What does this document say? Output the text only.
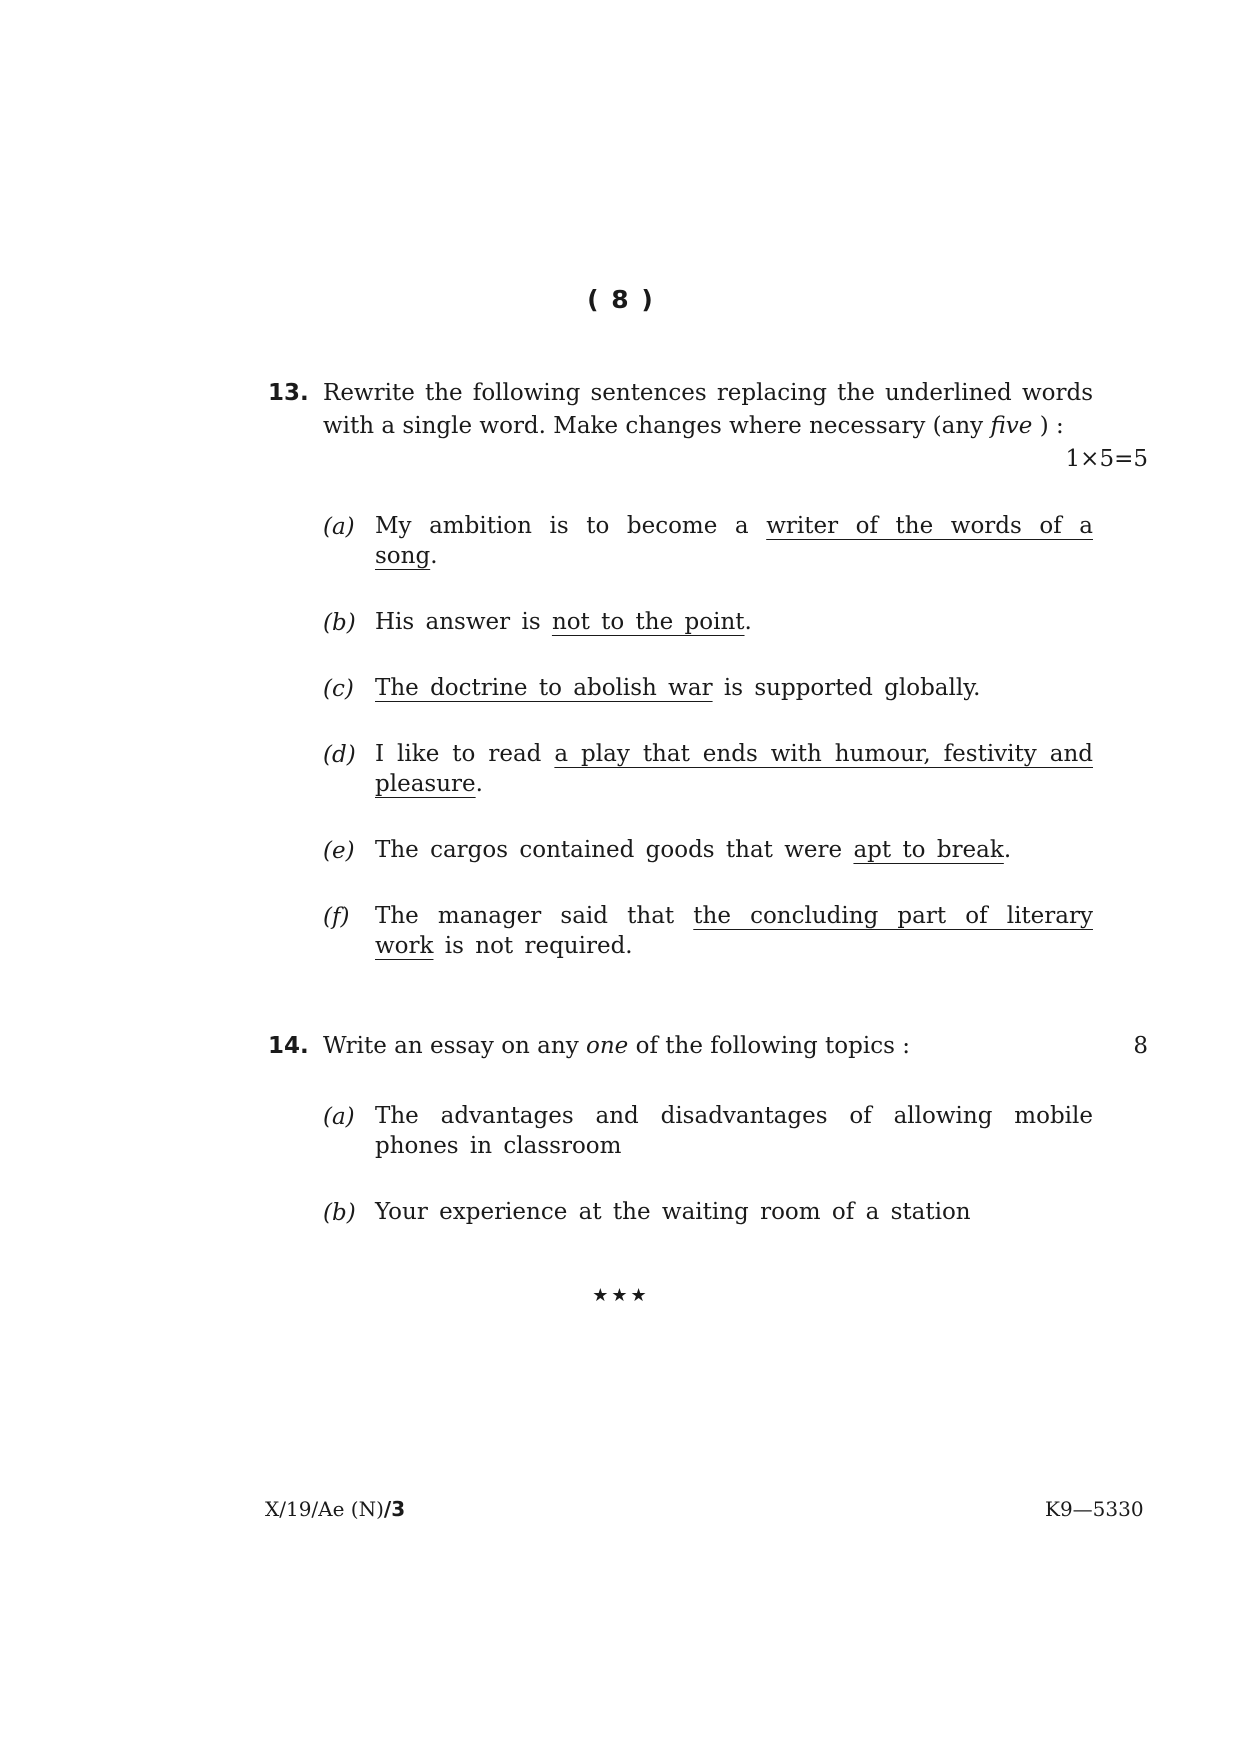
( 8 )
13. Rewrite the following sentences replacing the underlined words with a single word. Make changes where necessary (any five ) :
1×5=5
(a) My ambition is to become a writer of the words of a song.
(b) His answer is not to the point.
(c) The doctrine to abolish war is supported globally.
(d) I like to read a play that ends with humour, festivity and pleasure.
(e) The cargos contained goods that were apt to break.
(f) The manager said that the concluding part of literary work is not required.
14. Write an essay on any one of the following topics :	8
(a) The advantages and disadvantages of allowing mobile phones in classroom
(b) Your experience at the waiting room of a station
★★★
X/19/Ae (N)/3	K9—5330
